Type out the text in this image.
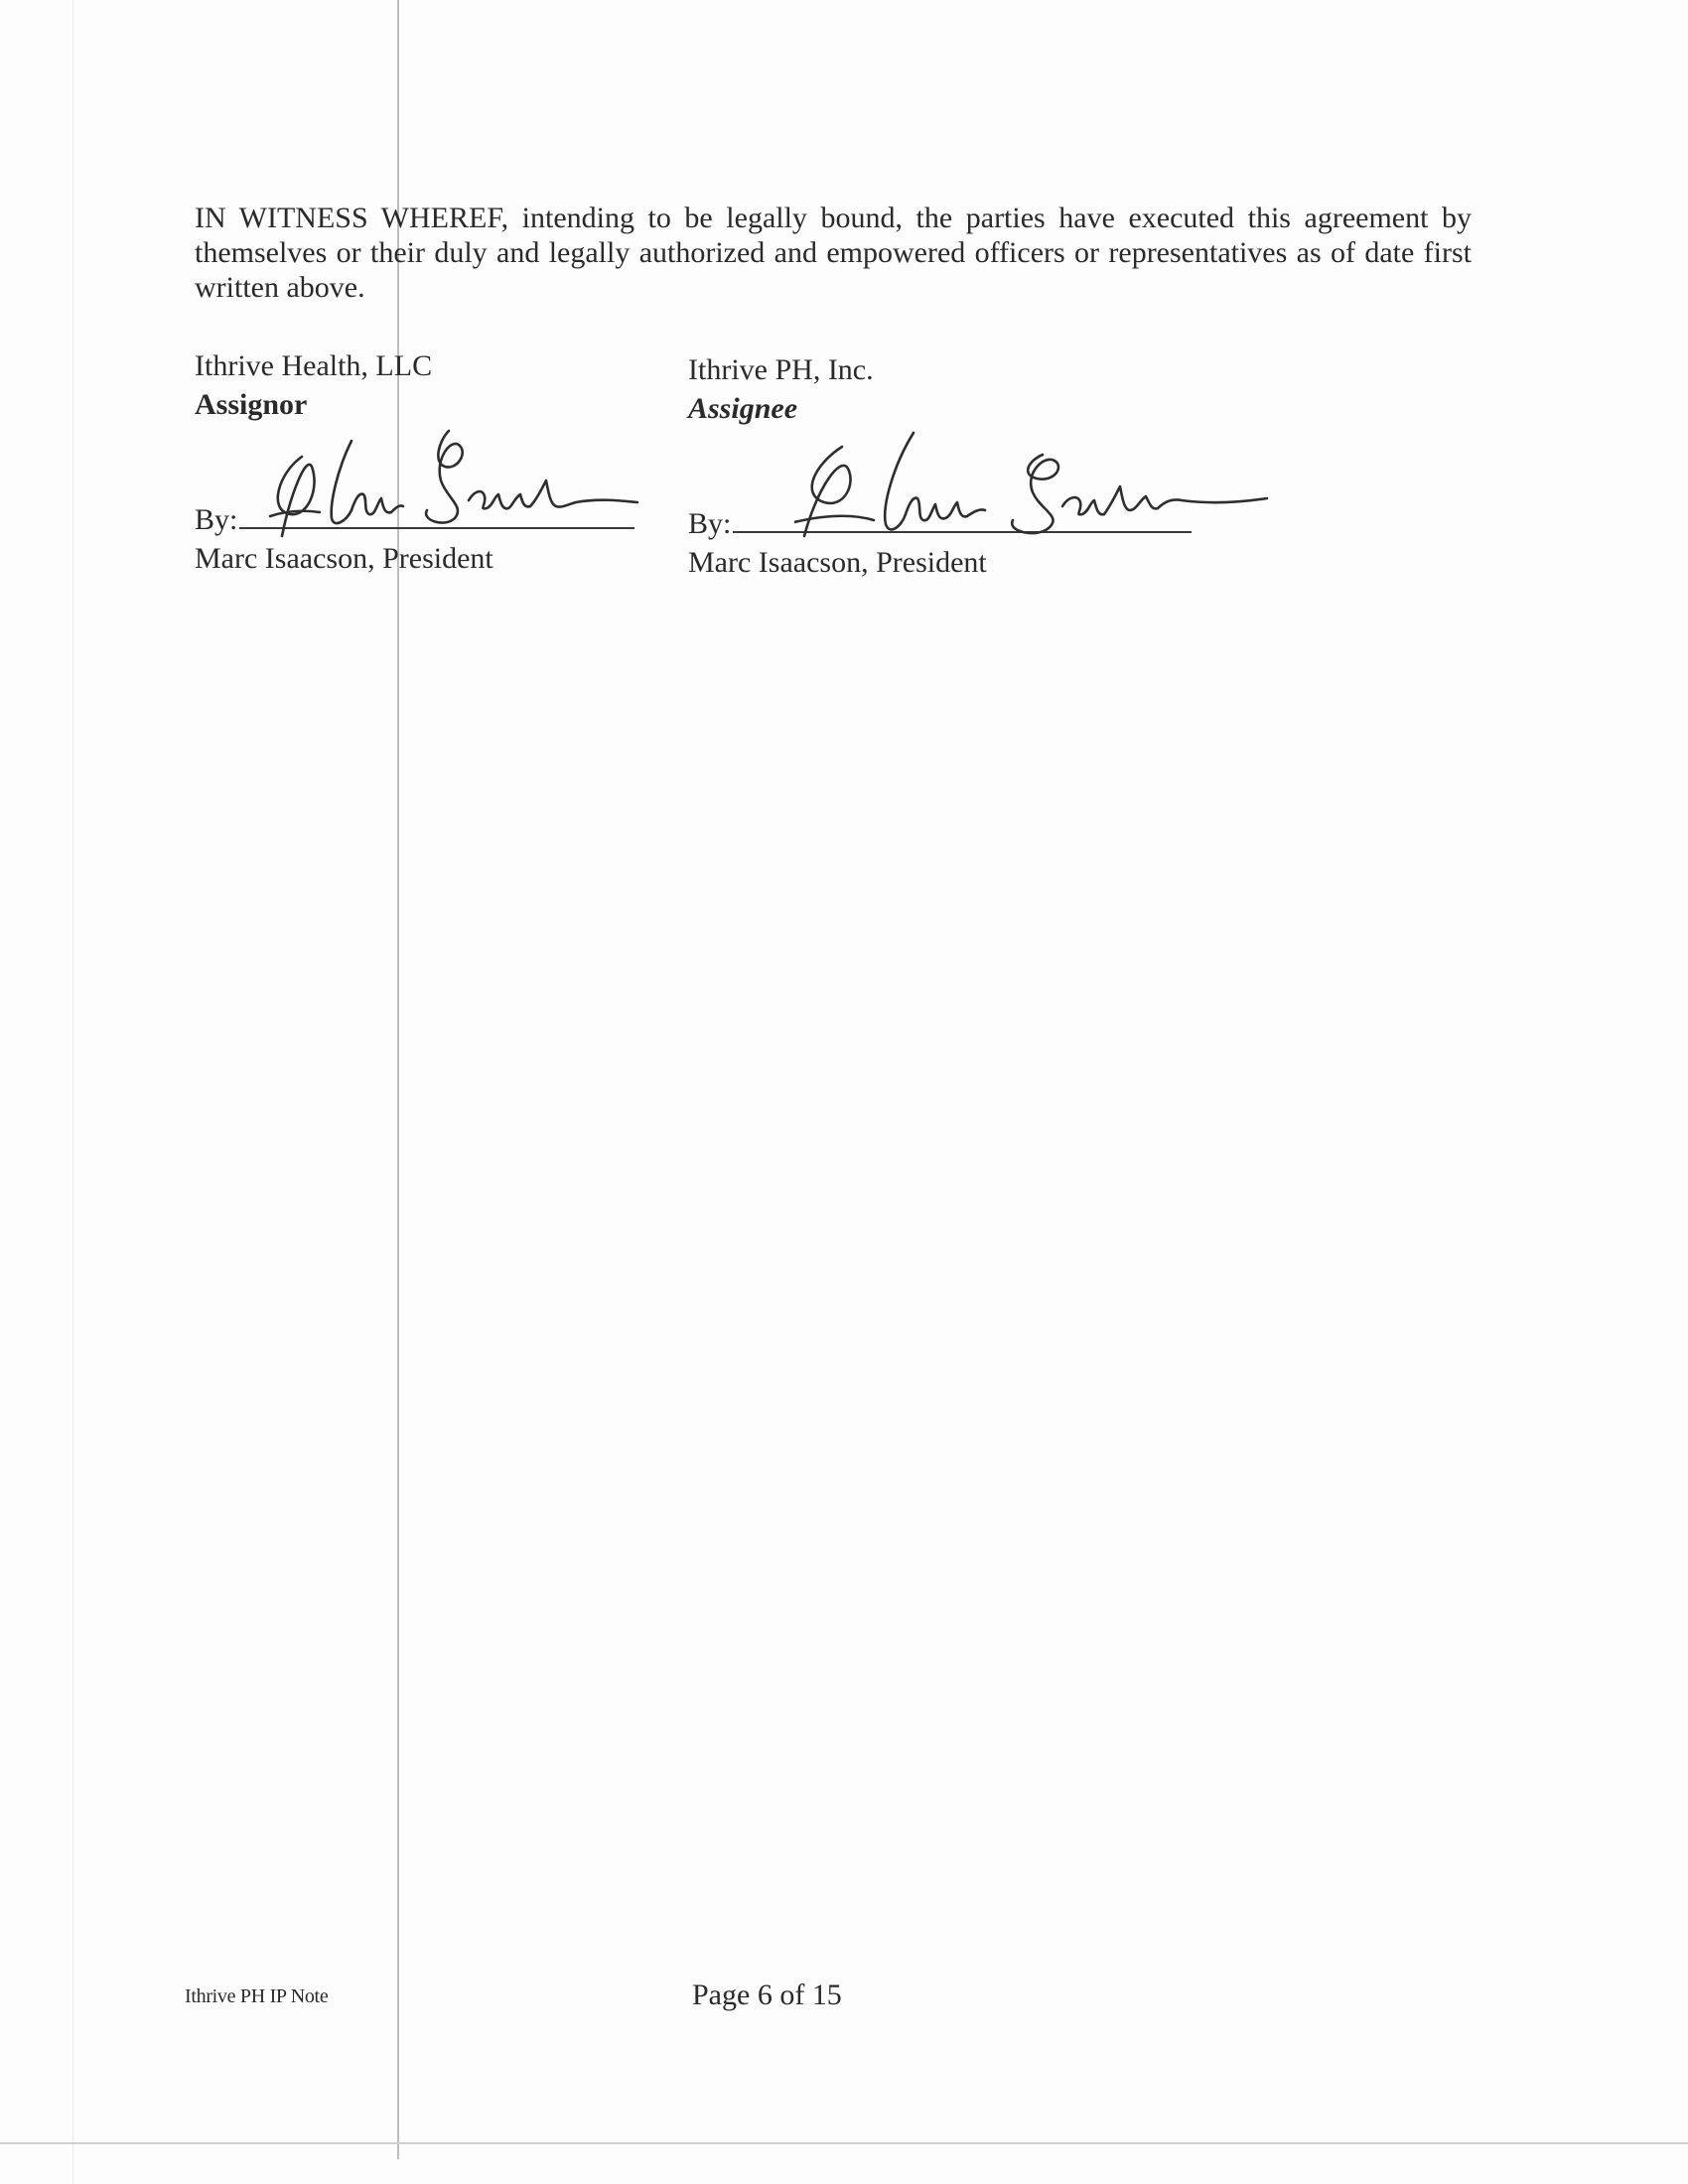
IN WITNESS WHEREF, intending to be legally bound, the parties have executed this agreement by themselves or their duly and legally authorized and empowered officers or representatives as of date first written above.

Ithrive Health, LLC
Assignor
By:
Marc Isaacson, President
Ithrive PH, Inc.
Assignee
By:
Marc Isaacson, President
Ithrive PH IP Note	Page 6 of 15
